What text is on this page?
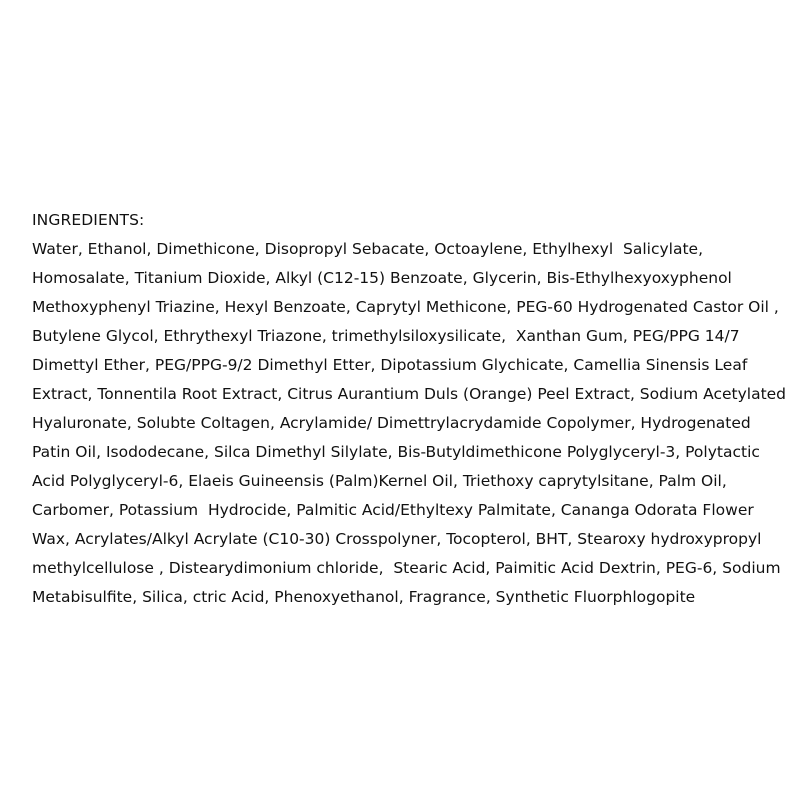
INGREDIENTS:
Water, Ethanol, Dimethicone, Disopropyl Sebacate, Octoaylene, Ethylhexyl  Salicylate,
Homosalate, Titanium Dioxide, Alkyl (C12-15) Benzoate, Glycerin, Bis-Ethylhexyoxyphenol
Methoxyphenyl Triazine, Hexyl Benzoate, Caprytyl Methicone, PEG-60 Hydrogenated Castor Oil ,
Butylene Glycol, Ethrythexyl Triazone, trimethylsiloxysilicate,  Xanthan Gum, PEG/PPG 14/7
Dimettyl Ether, PEG/PPG-9/2 Dimethyl Etter, Dipotassium Glychicate, Camellia Sinensis Leaf
Extract, Tonnentila Root Extract, Citrus Aurantium Duls (Orange) Peel Extract, Sodium Acetylated
Hyaluronate, Solubte Coltagen, Acrylamide/ Dimettrylacrydamide Copolymer, Hydrogenated
Patin Oil, Isododecane, Silca Dimethyl Silylate, Bis-Butyldimethicone Polyglyceryl-3, Polytactic
Acid Polyglyceryl-6, Elaeis Guineensis (Palm)Kernel Oil, Triethoxy caprytylsitane, Palm Oil,
Carbomer, Potassium  Hydrocide, Palmitic Acid/Ethyltexy Palmitate, Cananga Odorata Flower
Wax, Acrylates/Alkyl Acrylate (C10-30) Crosspolyner, Tocopterol, BHT, Stearoxy hydroxypropyl
methylcellulose , Distearydimonium chloride,  Stearic Acid, Paimitic Acid Dextrin, PEG-6, Sodium
Metabisulfite, Silica, ctric Acid, Phenoxyethanol, Fragrance, Synthetic Fluorphlogopite
